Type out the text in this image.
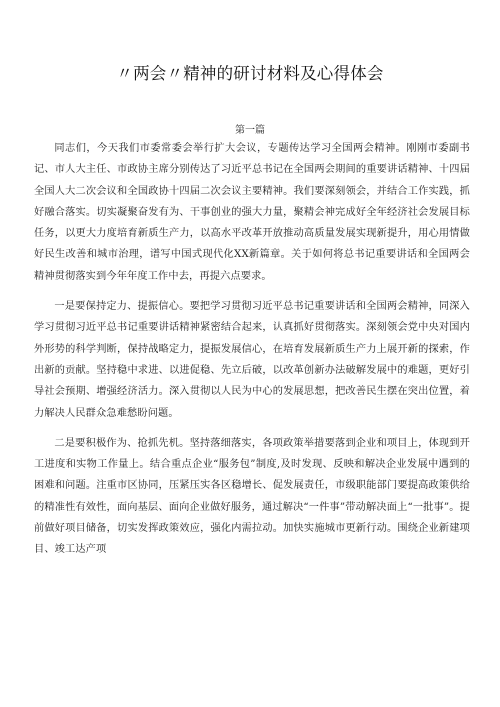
〃两会〃精神的研讨材料及心得体会
第一篇

同志们，今天我们市委常委会举行扩大会议，专题传达学习全国两会精神。刚刚市委副书记、市人大主任、市政协主席分别传达了习近平总书记在全国两会期间的重要讲话精神、十四届全国人大二次会议和全国政协十四届二次会议主要精神。我们要深刻领会，并结合工作实践，抓好融合落实。切实凝聚奋发有为、干事创业的强大力量，聚精会神完成好全年经济社会发展目标任务，以更大力度培育新质生产力，以高水平改革开放推动高质量发展实现新提升，用心用情做好民生改善和城市治理，谱写中国式现代化XX新篇章。关于如何将总书记重要讲话和全国两会精神贯彻落实到今年年度工作中去，再提六点要求。

一是要保持定力、提振信心。要把学习贯彻习近平总书记重要讲话和全国两会精神，同深入学习贯彻习近平总书记重要讲话精神紧密结合起来，认真抓好贯彻落实。深刻领会党中央对国内外形势的科学判断，保持战略定力，提振发展信心，在培育发展新质生产力上展开新的探索，作出新的贡献。坚持稳中求进、以进促稳、先立后破，以改革创新办法破解发展中的难题，更好引导社会预期、增强经济活力。深入贯彻以人民为中心的发展思想，把改善民生摆在突出位置，着力解决人民群众急难愁盼问题。

二是要积极作为、抢抓先机。坚持落细落实，各项政策举措要落到企业和项目上，体现到开工进度和实物工作量上。结合重点企业“服务包”制度,及时发现、反映和解决企业发展中遇到的困难和问题。注重市区协同，压紧压实各区稳增长、促发展责任，市级职能部门要提高政策供给的精准性有效性，面向基层、面向企业做好服务，通过解决“一件事”带动解决面上“一批事”。提前做好项目储备，切实发挥政策效应，强化内需拉动。加快实施城市更新行动。围绕企业新建项目、竣工达产项
